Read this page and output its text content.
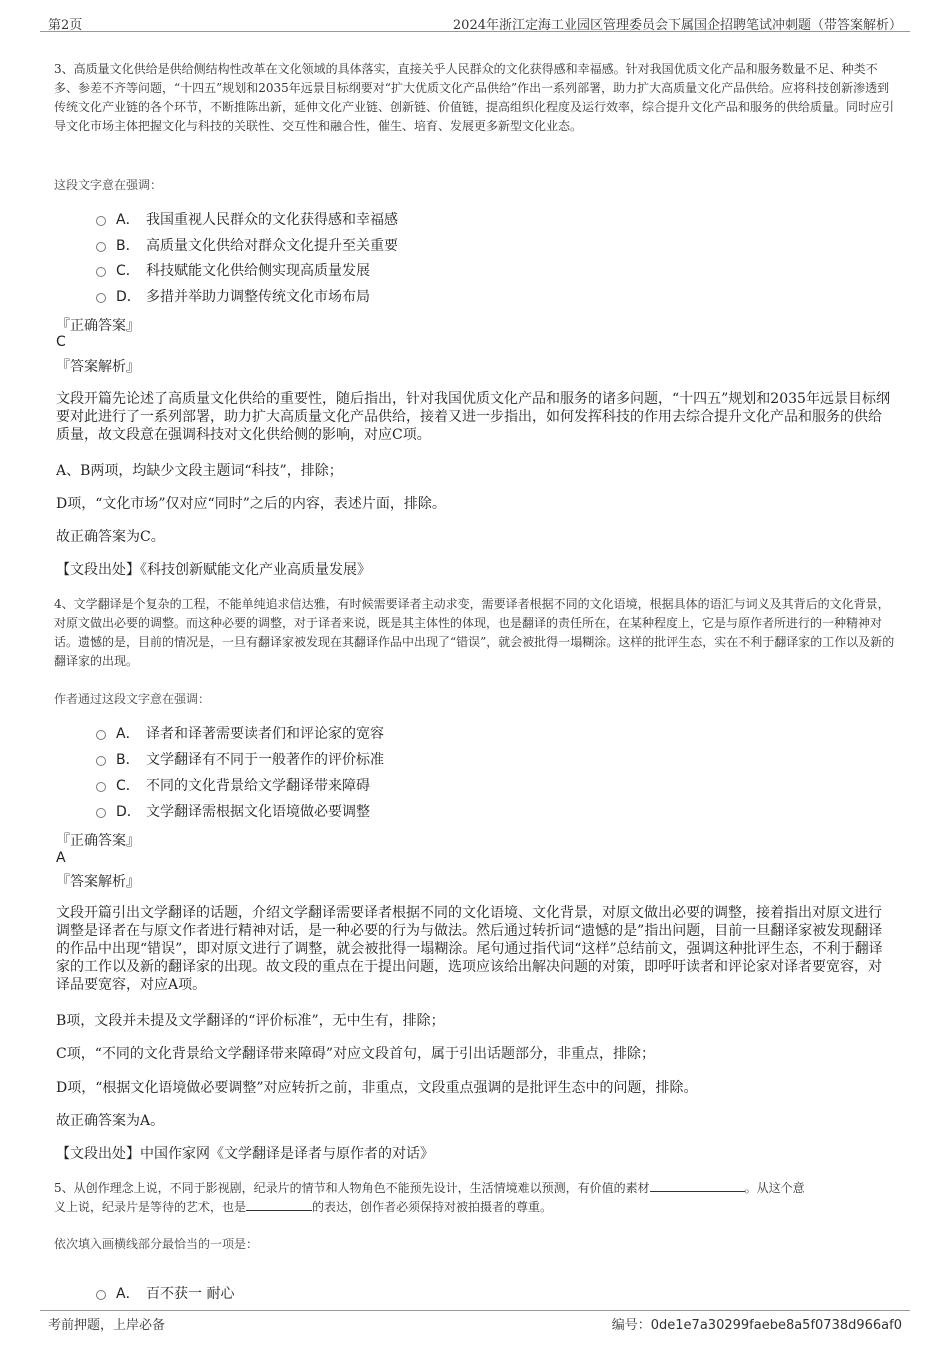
第2页	2024年浙江定海工业园区管理委员会下属国企招聘笔试冲刺题（带答案解析）
3、高质量文化供给是供给侧结构性改革在文化领域的具体落实，直接关乎人民群众的文化获得感和幸福感。针对我国优质文化产品和服务数量不足、种类不多、参差不齐等问题，“十四五”规划和2035年远景目标纲要对“扩大优质文化产品供给”作出一系列部署，助力扩大高质量文化产品供给。应将科技创新渗透到传统文化产业链的各个环节，不断推陈出新，延伸文化产业链、创新链、价值链，提高组织化程度及运行效率，综合提升文化产品和服务的供给质量。同时应引导文化市场主体把握文化与科技的关联性、交互性和融合性，催生、培育、发展更多新型文化业态。
这段文字意在强调：
A． 我国重视人民群众的文化获得感和幸福感
B． 高质量文化供给对群众文化提升至关重要
C． 科技赋能文化供给侧实现高质量发展
D． 多措并举助力调整传统文化市场布局
『正确答案』
C
『答案解析』
文段开篇先论述了高质量文化供给的重要性，随后指出，针对我国优质文化产品和服务的诸多问题，“十四五”规划和2035年远景目标纲要对此进行了一系列部署，助力扩大高质量文化产品供给，接着又进一步指出，如何发挥科技的作用去综合提升文化产品和服务的供给质量，故文段意在强调科技对文化供给侧的影响，对应C项。
A、B两项，均缺少文段主题词“科技”，排除；
D项，“文化市场”仅对应“同时”之后的内容，表述片面，排除。
故正确答案为C。
【文段出处】《科技创新赋能文化产业高质量发展》
4、文学翻译是个复杂的工程，不能单纯追求信达雅，有时候需要译者主动求变，需要译者根据不同的文化语境，根据具体的语汇与词义及其背后的文化背景，对原文做出必要的调整。而这种必要的调整，对于译者来说，既是其主体性的体现，也是翻译的责任所在，在某种程度上，它是与原作者所进行的一种精神对话。遗憾的是，目前的情况是，一旦有翻译家被发现在其翻译作品中出现了“错误”，就会被批得一塌糊涂。这样的批评生态，实在不利于翻译家的工作以及新的翻译家的出现。
作者通过这段文字意在强调：
A． 译者和译著需要读者们和评论家的宽容
B． 文学翻译有不同于一般著作的评价标准
C． 不同的文化背景给文学翻译带来障碍
D． 文学翻译需根据文化语境做必要调整
『正确答案』
A
『答案解析』
文段开篇引出文学翻译的话题，介绍文学翻译需要译者根据不同的文化语境、文化背景，对原文做出必要的调整，接着指出对原文进行调整是译者在与原文作者进行精神对话，是一种必要的行为与做法。然后通过转折词“遗憾的是”指出问题，目前一旦翻译家被发现翻译的作品中出现“错误”，即对原文进行了调整，就会被批得一塌糊涂。尾句通过指代词“这样”总结前文，强调这种批评生态，不利于翻译家的工作以及新的翻译家的出现。故文段的重点在于提出问题，选项应该给出解决问题的对策，即呼吁读者和评论家对译者要宽容，对译品要宽容，对应A项。
B项，文段并未提及文学翻译的“评价标准”，无中生有，排除；
C项，“不同的文化背景给文学翻译带来障碍”对应文段首句，属于引出话题部分，非重点，排除；
D项，“根据文化语境做必要调整”对应转折之前，非重点，文段重点强调的是批评生态中的问题，排除。
故正确答案为A。
【文段出处】中国作家网《文学翻译是译者与原作者的对话》
5、从创作理念上说，不同于影视剧，纪录片的情节和人物角色不能预先设计，生活情境难以预测，有价值的素材	。从这个意
义上说，纪录片是等待的艺术，也是	的表达，创作者必须保持对被拍摄者的尊重。
依次填入画横线部分最恰当的一项是：
A． 百不获一 耐心
考前押题，上岸必备	编号：0de1e7a30299faebe8a5f0738d966af0
